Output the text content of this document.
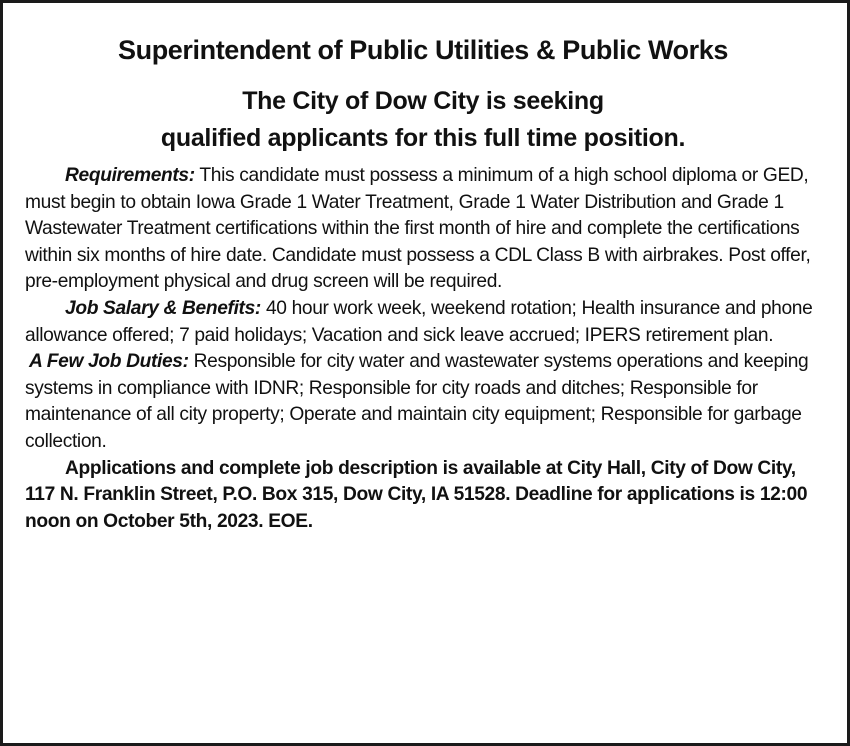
Superintendent of Public Utilities & Public Works
The City of Dow City is seeking
qualified applicants for this full time position.

Requirements: This candidate must possess a minimum of a high school diploma or GED, must begin to obtain Iowa Grade 1 Water Treatment, Grade 1 Water Distribution and Grade 1 Wastewater Treatment certifications within the first month of hire and complete the certifications within six months of hire date. Candidate must possess a CDL Class B with airbrakes. Post offer, pre-employment physical and drug screen will be required.

Job Salary & Benefits: 40 hour work week, weekend rotation; Health insurance and phone allowance offered; 7 paid holidays; Vacation and sick leave accrued; IPERS retirement plan.

A Few Job Duties: Responsible for city water and wastewater systems operations and keeping systems in compliance with IDNR; Responsible for city roads and ditches; Responsible for maintenance of all city property; Operate and maintain city equipment; Responsible for garbage collection.

Applications and complete job description is available at City Hall, City of Dow City, 117 N. Franklin Street, P.O. Box 315, Dow City, IA 51528. Deadline for applications is 12:00 noon on October 5th, 2023. EOE.
